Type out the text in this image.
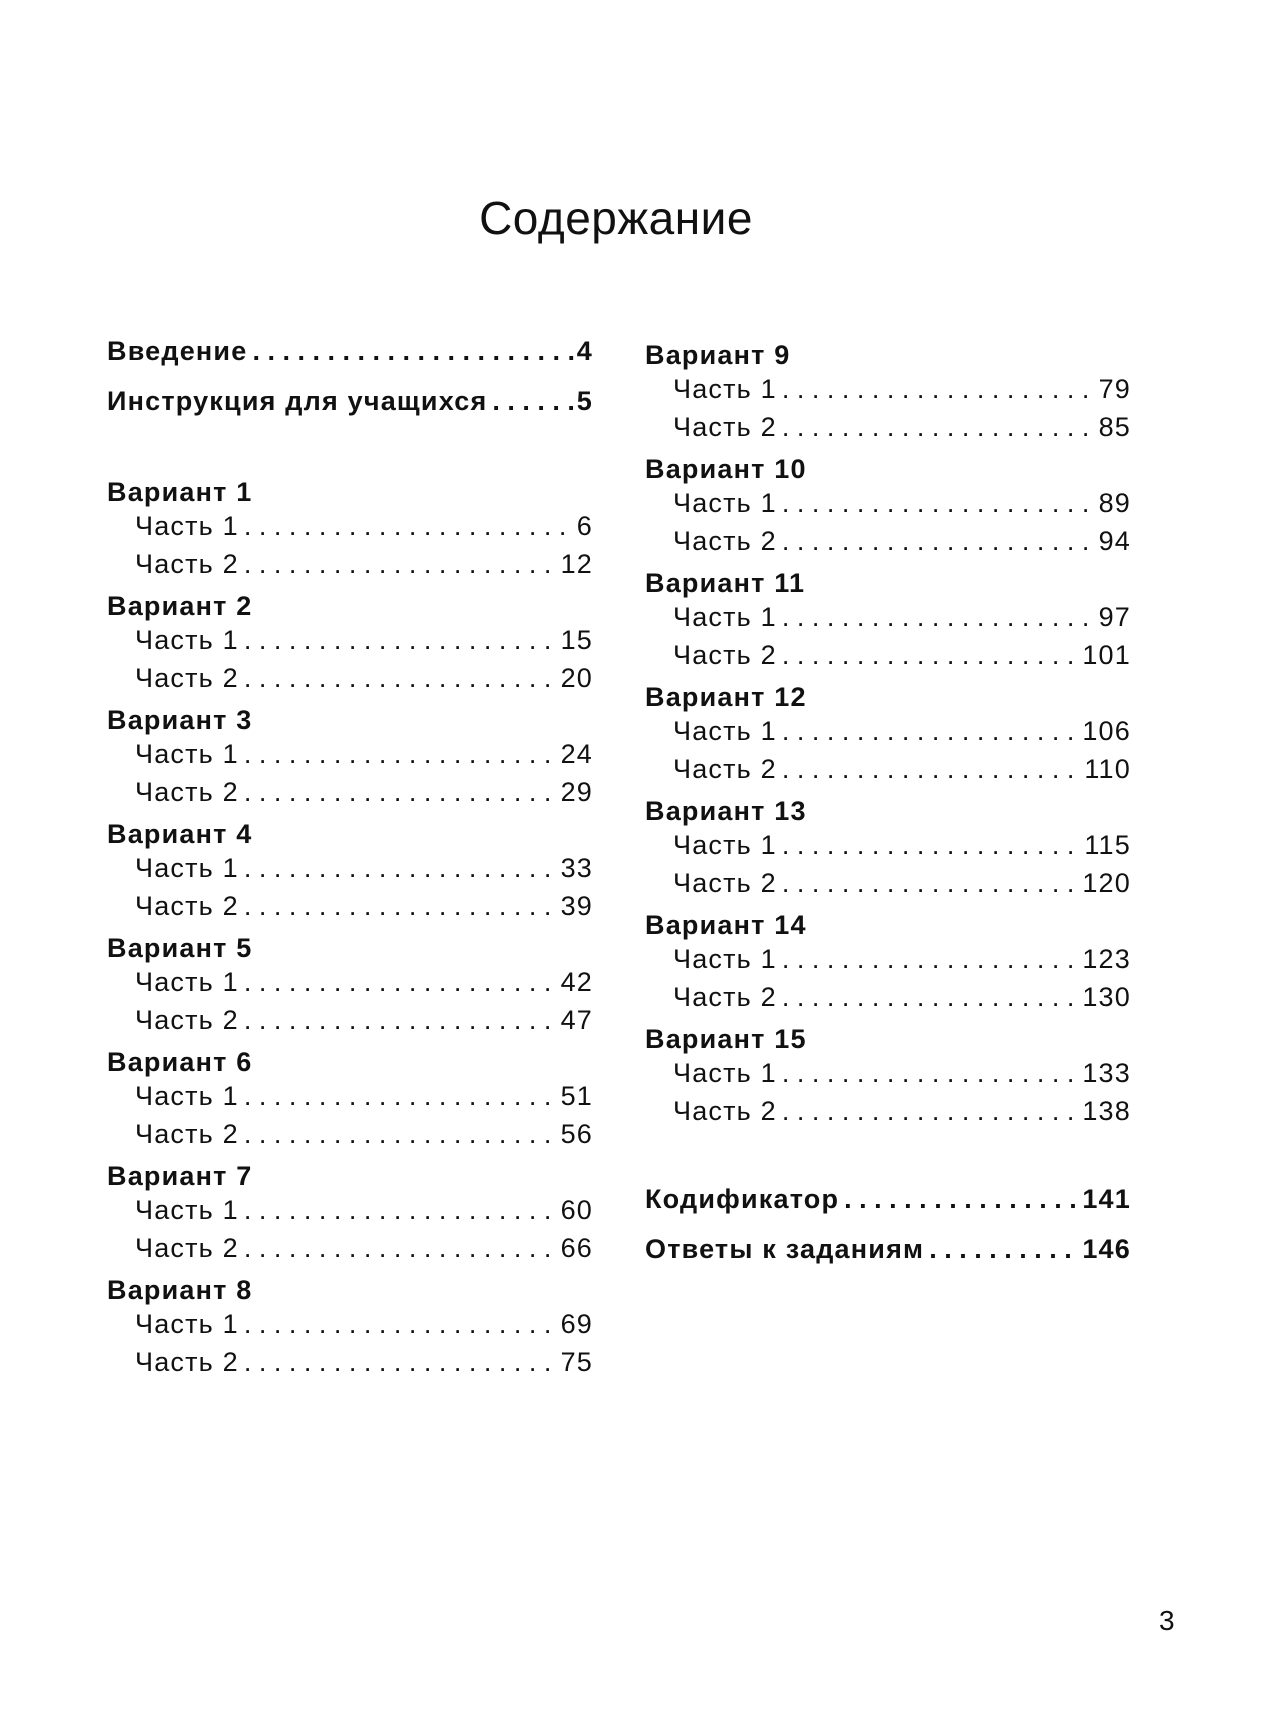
Содержание
Введение . . .	4
Инструкция для учащихся . . .	5
Вариант 1
Часть 1 . . .	6
Часть 2 . . .	12
Вариант 2
Часть 1 . . .	15
Часть 2 . . .	20
Вариант 3
Часть 1 . . .	24
Часть 2 . . .	29
Вариант 4
Часть 1 . . .	33
Часть 2 . . .	39
Вариант 5
Часть 1 . . .	42
Часть 2 . . .	47
Вариант 6
Часть 1 . . .	51
Часть 2 . . .	56
Вариант 7
Часть 1 . . .	60
Часть 2 . . .	66
Вариант 8
Часть 1 . . .	69
Часть 2 . . .	75
Вариант 9
Часть 1 . . .	79
Часть 2 . . .	85
Вариант 10
Часть 1 . . .	89
Часть 2 . . .	94
Вариант 11
Часть 1 . . .	97
Часть 2 . . .	101
Вариант 12
Часть 1 . . .	106
Часть 2 . . .	110
Вариант 13
Часть 1 . . .	115
Часть 2 . . .	120
Вариант 14
Часть 1 . . .	123
Часть 2 . . .	130
Вариант 15
Часть 1 . . .	133
Часть 2 . . .	138
Кодификатор . . .	141
Ответы к заданиям . . .	146
3
